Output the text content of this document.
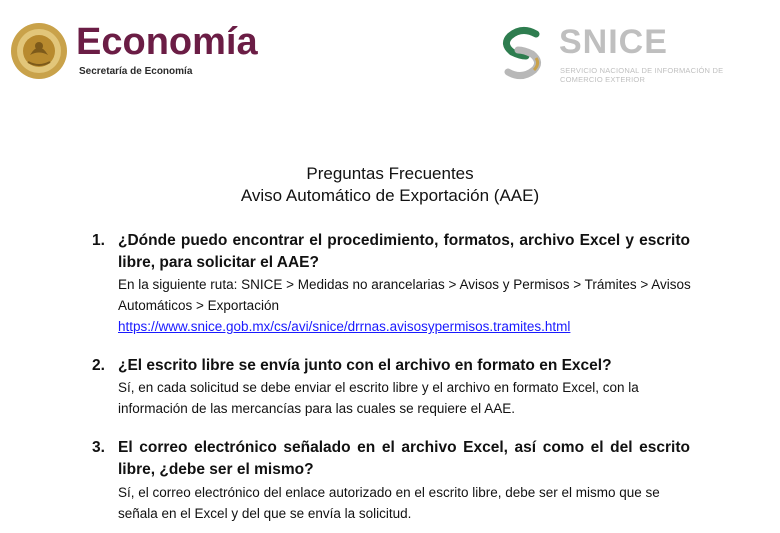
Economía
Secretaría de Economía
SNICE
SERVICIO NACIONAL DE INFORMACIÓN DE COMERCIO EXTERIOR
Preguntas Frecuentes
Aviso Automático de Exportación (AAE)
1. ¿Dónde puedo encontrar el procedimiento, formatos, archivo Excel y escrito libre, para solicitar el AAE?
En la siguiente ruta: SNICE > Medidas no arancelarias > Avisos y Permisos > Trámites > Avisos Automáticos > Exportación
https://www.snice.gob.mx/cs/avi/snice/drrnas.avisosypermisos.tramites.html
2. ¿El escrito libre se envía junto con el archivo en formato en Excel?
Sí, en cada solicitud se debe enviar el escrito libre y el archivo en formato Excel, con la información de las mercancías para las cuales se requiere el AAE.
3. El correo electrónico señalado en el archivo Excel, así como el del escrito libre, ¿debe ser el mismo?
Sí, el correo electrónico del enlace autorizado en el escrito libre, debe ser el mismo que se señala en el Excel y del que se envía la solicitud.
